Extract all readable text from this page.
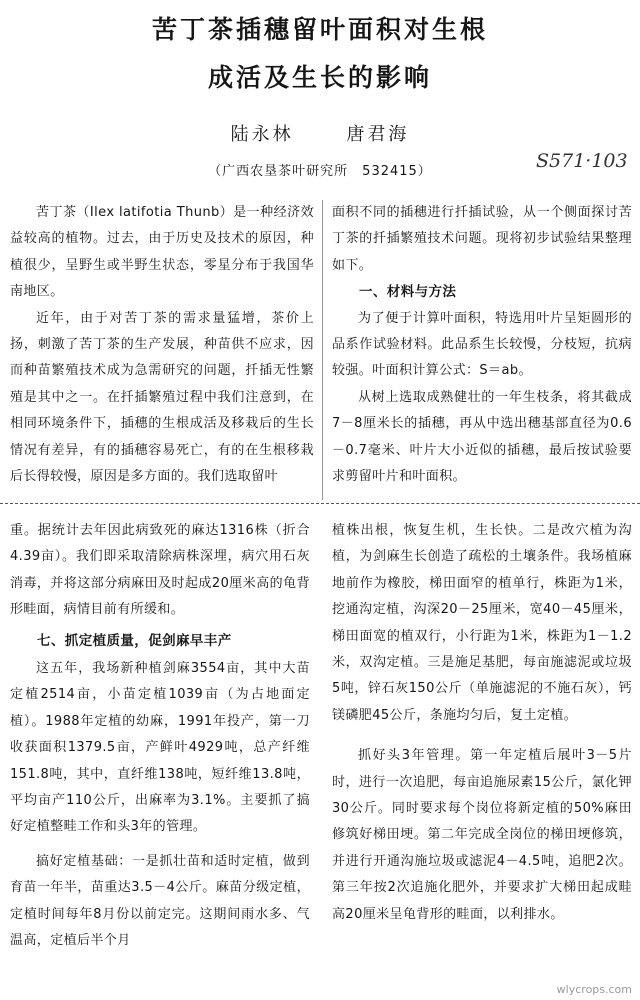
苦丁茶插穗留叶面积对生根
成活及生长的影响
陆永林	唐君海
（广西农垦茶叶研究所　532415）	S571·103

苦丁茶（Ilex latifotia Thunb）是一种经济效益较高的植物。过去，由于历史及技术的原因，种植很少，呈野生或半野生状态，零星分布于我国华南地区。

近年，由于对苦丁茶的需求量猛增，茶价上扬，刺激了苦丁茶的生产发展，种苗供不应求，因而种苗繁殖技术成为急需研究的问题，扦插无性繁殖是其中之一。在扦插繁殖过程中我们注意到，在相同环境条件下，插穗的生根成活及移栽后的生长情况有差异，有的插穗容易死亡，有的在生根移栽后长得较慢，原因是多方面的。我们选取留叶

面积不同的插穗进行扦插试验，从一个侧面探讨苦丁茶的扦插繁殖技术问题。现将初步试验结果整理如下。

一、材料与方法

为了便于计算叶面积，特选用叶片呈矩圆形的品系作试验材料。此品系生长较慢，分枝短，抗病较强。叶面积计算公式：S＝ab。

从树上选取成熟健壮的一年生枝条，将其截成7－8厘米长的插穗，再从中选出穗基部直径为0.6－0.7毫米、叶片大小近似的插穗，最后按试验要求剪留叶片和叶面积。

重。据统计去年因此病致死的麻达1316株（折合4.39亩）。我们即采取清除病株深埋，病穴用石灰消毒，并将这部分病麻田及时起成20厘米高的龟背形畦面，病情目前有所缓和。

七、抓定植质量，促剑麻早丰产

这五年，我场新种植剑麻3554亩，其中大苗定植2514亩，小苗定植1039亩（为占地面定植）。1988年定植的幼麻，1991年投产，第一刀收获面积1379.5亩，产鲜叶4929吨，总产纤维151.8吨，其中，直纤维138吨，短纤维13.8吨，平均亩产110公斤，出麻率为3.1%。主要抓了搞好定植整畦工作和头3年的管理。

搞好定植基础：一是抓壮苗和适时定植，做到育苗一年半，苗重达3.5－4公斤。麻苗分级定植，定植时间每年8月份以前定完。这期间雨水多、气温高，定植后半个月

植株出根，恢复生机，生长快。二是改穴植为沟植，为剑麻生长创造了疏松的土壤条件。我场植麻地前作为橡胶，梯田面窄的植单行，株距为1米，挖通沟定植，沟深20－25厘米，宽40－45厘米，梯田面宽的植双行，小行距为1米，株距为1－1.2米，双沟定植。三是施足基肥，每亩施滤泥或垃圾5吨，锌石灰150公斤（单施滤泥的不施石灰），钙镁磷肥45公斤，条施均匀后，复土定植。

抓好头3年管理。第一年定植后展叶3－5片时，进行一次追肥，每亩追施尿素15公斤，氯化钾30公斤。同时要求每个岗位将新定植的50%麻田修筑好梯田埂。第二年完成全岗位的梯田埂修筑，并进行开通沟施垃圾或滤泥4－4.5吨，追肥2次。第三年按2次追施化肥外，并要求扩大梯田起成畦高20厘米呈龟背形的畦面，以利排水。

wlycrops.com
